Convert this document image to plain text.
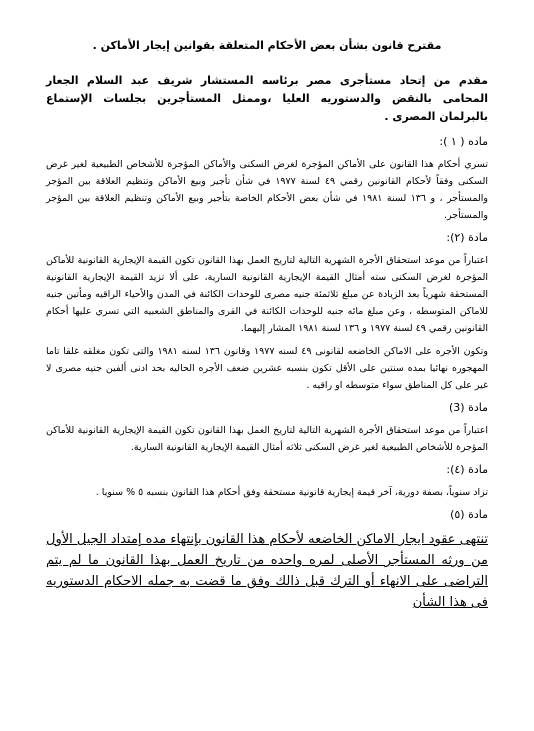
مقترح قانون بشأن بعض الأحكام المتعلقة بقوانين إيجار الأماكن .
مقدم من إتحاد مستأجرى مصر برئاسه المستشار شريف عبد السلام الجعار المحامى بالنقض والدستوريه العليا ،وممثل المستأجرين بجلسات الإستماع بالبرلمان المصرى .
ماده ( ١ ):
تسري أحكام هذا القانون على الأماكن المؤجرة لغرض السكنى والأماكن المؤجرة للأشخاص الطبيعية لغير غرض السكنى وفقاً لأحكام القانونين رقمي ٤٩ لسنة ١٩٧٧ في شأن تأجير وبيع الأماكن وتنظيم العلاقة بين المؤجر والمستأجر ، و ١٣٦ لسنة ١٩٨١ في شأن بعض الأحكام الخاصة بتأجير وبيع الأماكن وتنظيم العلاقة بين المؤجر والمستأجر.
مادة (٢):
اعتباراً من موعد استحقاق الأجرة الشهرية التالية لتاريخ العمل بهذا القانون تكون القيمة الإيجارية القانونية للأماكن المؤجرة لغرض السكنى سته أمثال القيمة الإيجارية القانونية السارية، على ألا تزيد القيمة الإيجارية القانونية المستحقة شهرياً بعد الزيادة عن مبلغ ثلاثمئة جنيه مصرى للوحدات الكائنة في المدن والأحياء الراقيه ومأتين جنيه للاماكن المتوسطه ، وعن مبلغ مائه جنيه للوحدات الكائنة في القرى والمناطق الشعبيه التي تسري عليها أحكام القانونين رقمي ٤٩ لسنة ١٩٧٧ و ١٣٦ لسنة ١٩٨١ المشار إليهما.
وتكون الأجره على الاماكن الخاضعه لقانونى ٤٩ لسنه ١٩٧٧ وقانون ١٣٦ لسنه ١٩٨١ والتى تكون مغلقه غلقا تاما المهجوره نهائيا بمده سنتين على الأقل تكون بنسبه عشرين ضعف الأجره الحاليه بحد ادنى ألفين جنيه مصرى لا غير على كل المناطق سواء متوسطه او راقيه .
مادة (3)
اعتباراً من موعد استحقاق الأجرة الشهرية التالية لتاريخ العمل بهذا القانون تكون القيمة الإيجارية القانونية للأماكن المؤجرة للأشخاص الطبيعية لغير غرض السكنى ثلاثه أمثال القيمة الإيجارية القانونية السارية.
مادة (٤):
تزاد سنوياً، بصفة دورية، آخر قيمة إيجارية قانونية مستحقة وفق أحكام هذا القانون بنسبه ٥ % سنويا .
مادة (٥)
تنتهى عقود ايجار الاماكن الخاضعه لأحكام هذا القانون بإنتهاء مده إمتداد الجيل الأول من ورثه المستأجر الأصلى لمره واحده من تاريخ العمل بهذا القانون ما لم يتم التراضى على الانهاء أو الترك قبل ذالك وفق ما قضت به جمله الاحكام الدستوريه فى هذا الشأن
